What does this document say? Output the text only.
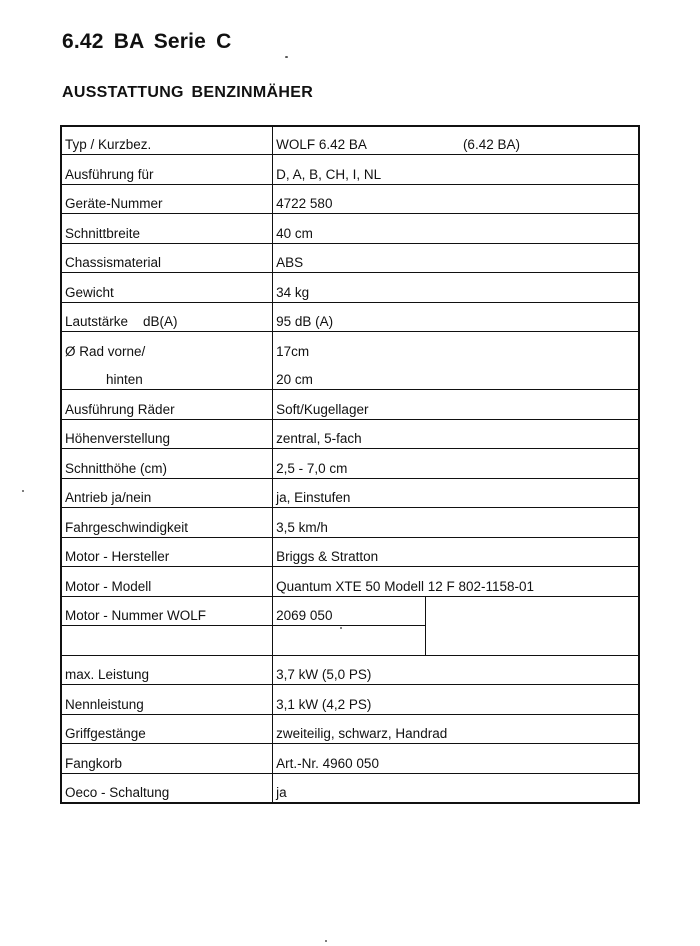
6.42 BA Serie C
AUSSTATTUNG BENZINMÄHER
Typ / Kurzbez.	WOLF 6.42 BA (6.42 BA)	
Ausführung für	D, A, B, CH, I, NL	
Geräte-Nummer	4722 580	
Schnittbreite	40 cm	
Chassismaterial	ABS	
Gewicht	34 kg	
Lautstärke    dB(A)	95 dB (A)	
Ø Rad vorne/	17cm	
hinten	20 cm	
Ausführung Räder	Soft/Kugellager	
Höhenverstellung	zentral, 5-fach	
Schnitthöhe (cm)	2,5 - 7,0 cm	
Antrieb ja/nein	ja, Einstufen	
Fahrgeschwindigkeit	3,5 km/h	
Motor - Hersteller	Briggs & Stratton	
Motor - Modell	Quantum XTE 50 Modell 12 F 802-1158-01	
Motor - Nummer WOLF	2069 050	

max. Leistung	3,7 kW (5,0 PS)	
Nennleistung	3,1 kW (4,2 PS)	
Griffgestänge	zweiteilig, schwarz, Handrad	
Fangkorb	Art.-Nr. 4960 050	
Oeco - Schaltung	ja	
